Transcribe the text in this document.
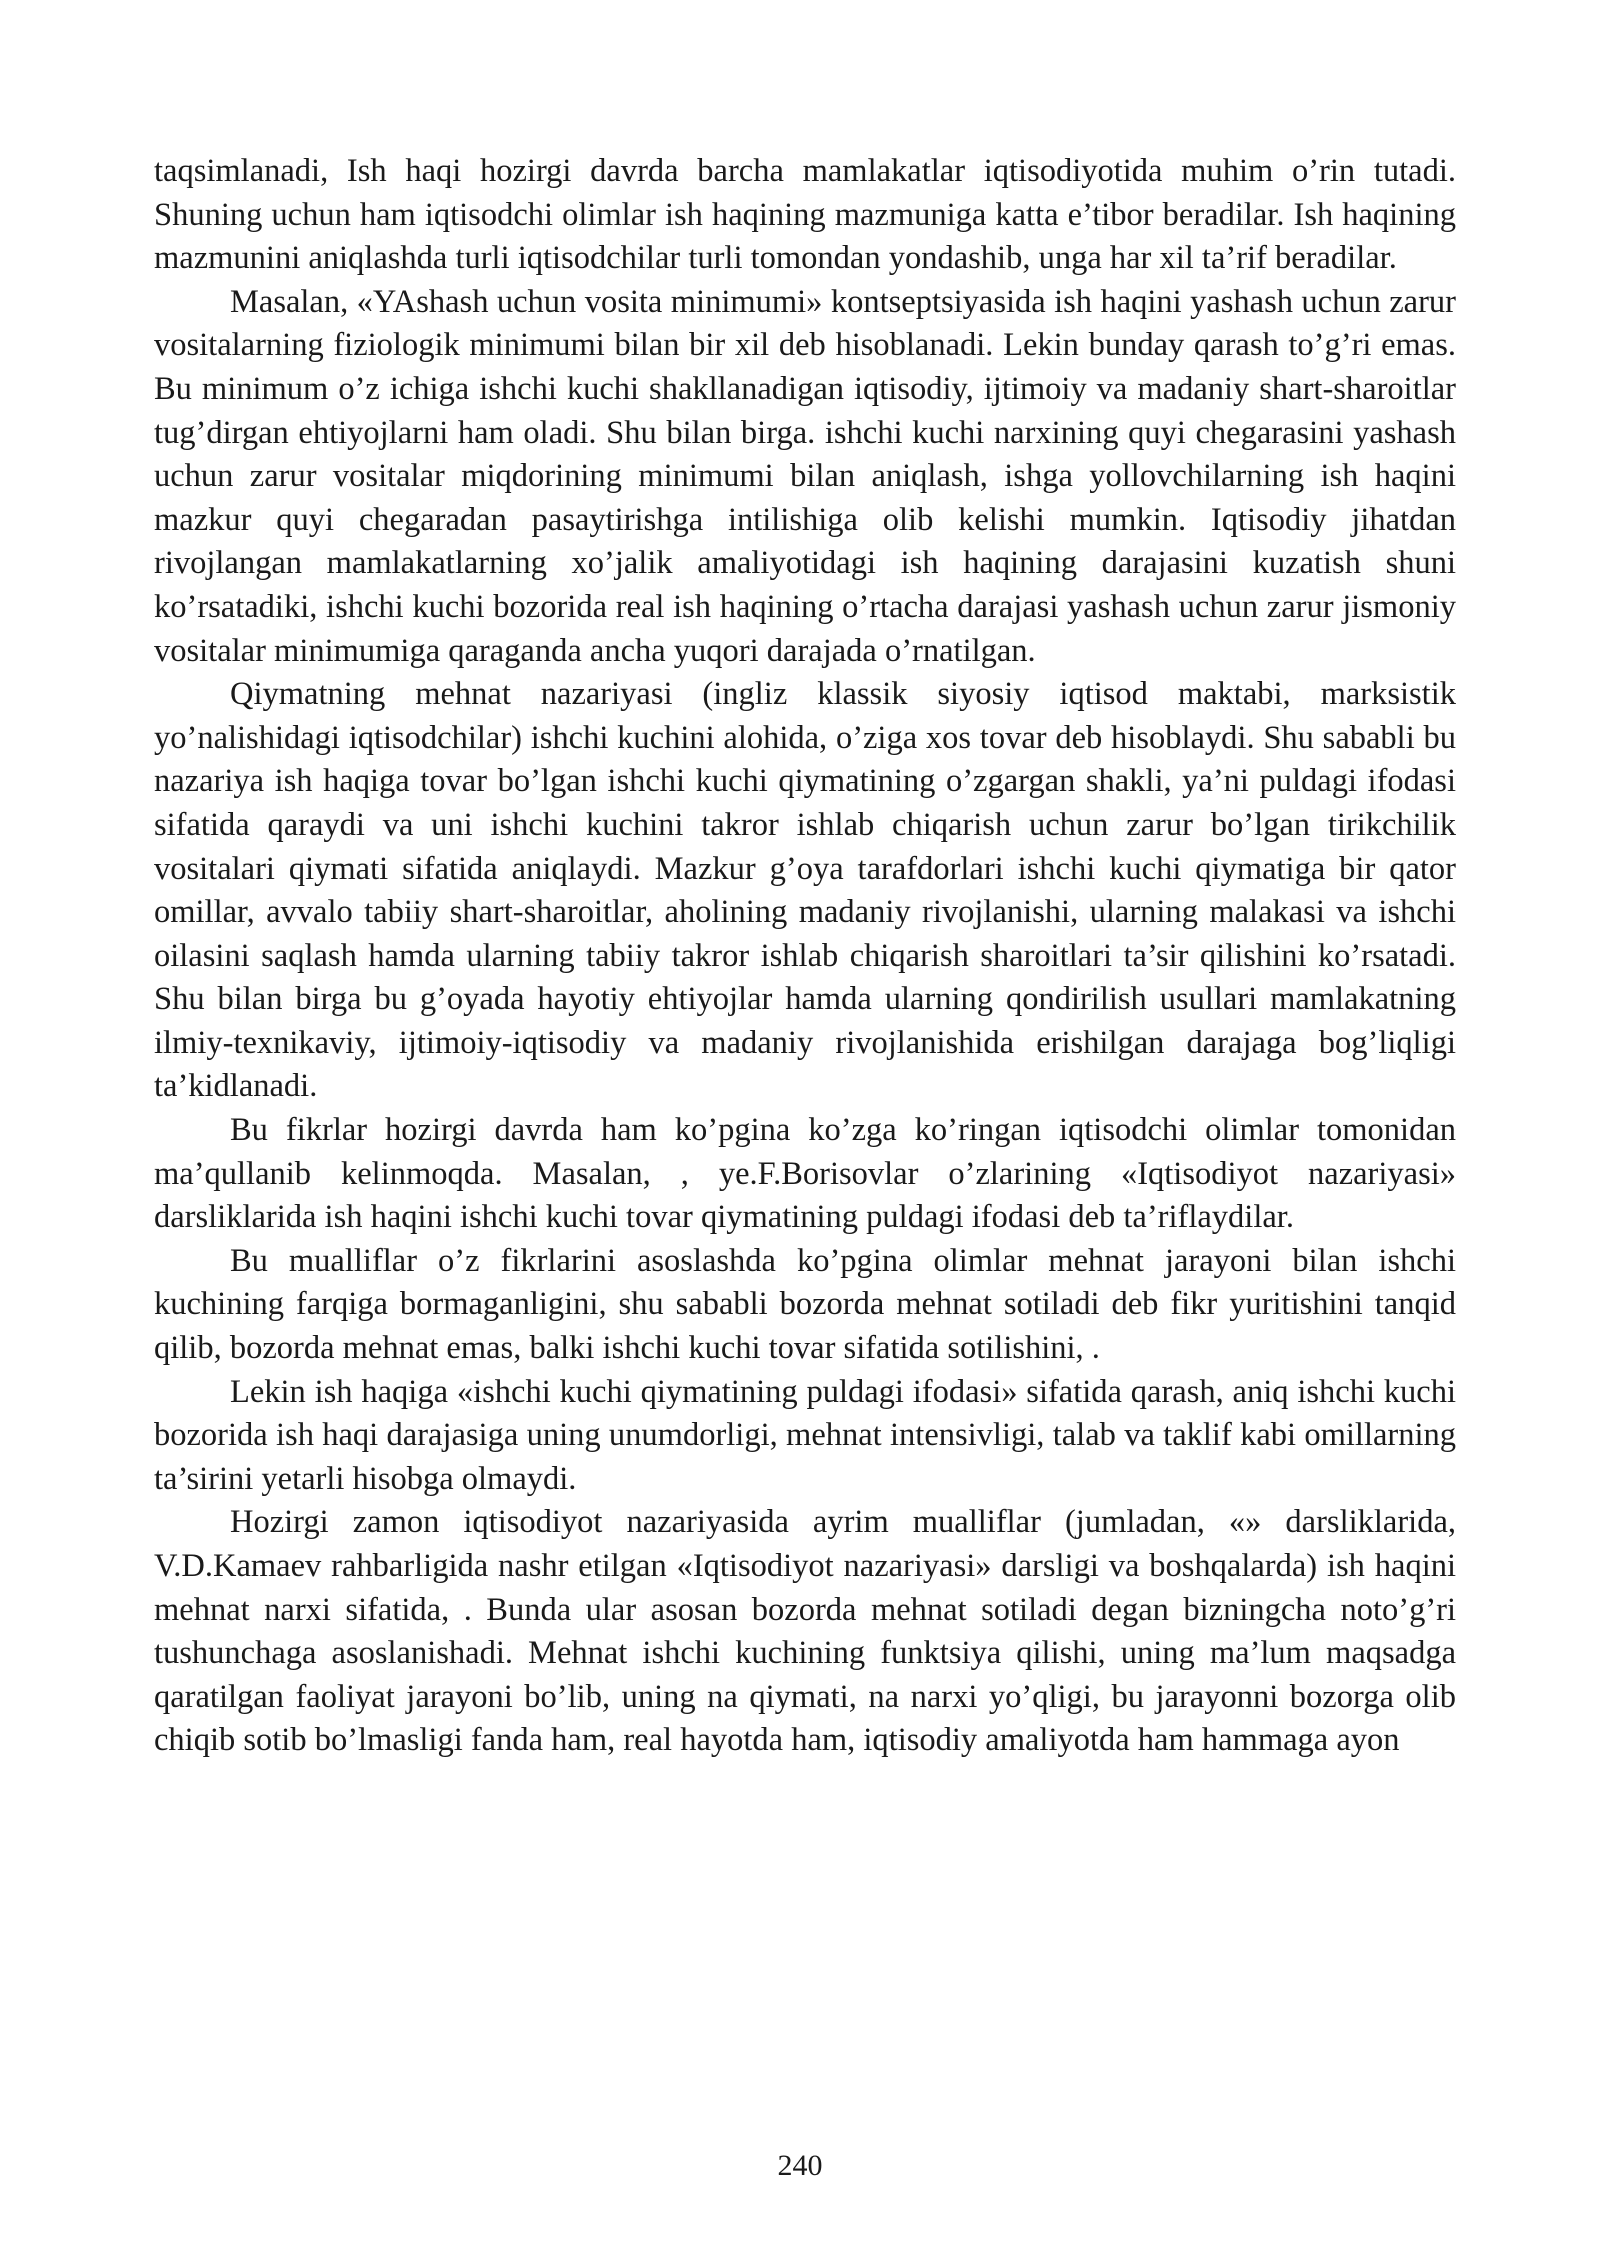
taqsimlanadi, Ish haqi hozirgi davrda barcha mamlakatlar iqtisodiyotida muhim o’rin tutadi. Shuning uchun ham iqtisodchi olimlar ish haqining mazmuniga katta e’tibor beradilar. Ish haqining mazmunini aniqlashda turli iqtisodchilar turli tomondan yondashib, unga har xil ta’rif beradilar.

Masalan, «YAshash uchun vosita minimumi» kontseptsiyasida ish haqini yashash uchun zarur vositalarning fiziologik minimumi bilan bir xil deb hisoblanadi. Lekin bunday qarash to’g’ri emas. Bu minimum o’z ichiga ishchi kuchi shakllanadigan iqtisodiy, ijtimoiy va madaniy shart-sharoitlar tug’dirgan ehtiyojlarni ham oladi. Shu bilan birga. ishchi kuchi narxining quyi chegarasini yashash uchun zarur vositalar miqdorining minimumi bilan aniqlash, ishga yollovchilarning ish haqini mazkur quyi chegaradan pasaytirishga intilishiga olib kelishi mumkin. Iqtisodiy jihatdan rivojlangan mamlakatlarning xo’jalik amaliyotidagi ish haqining darajasini kuzatish shuni ko’rsatadiki, ishchi kuchi bozorida real ish haqining o’rtacha darajasi yashash uchun zarur jismoniy vositalar minimumiga qaraganda ancha yuqori darajada o’rnatilgan.

Qiymatning mehnat nazariyasi (ingliz klassik siyosiy iqtisod maktabi, marksistik yo’nalishidagi iqtisodchilar) ishchi kuchini alohida, o’ziga xos tovar deb hisoblaydi. Shu sababli bu nazariya ish haqiga tovar bo’lgan ishchi kuchi qiymatining o’zgargan shakli, ya’ni puldagi ifodasi sifatida qaraydi va uni ishchi kuchini takror ishlab chiqarish uchun zarur bo’lgan tirikchilik vositalari qiymati sifatida aniqlaydi. Mazkur g’oya tarafdorlari ishchi kuchi qiymatiga bir qator omillar, avvalo tabiiy shart-sharoitlar, aholining madaniy rivojlanishi, ularning malakasi va ishchi oilasini saqlash hamda ularning tabiiy takror ishlab chiqarish sharoitlari ta’sir qilishini ko’rsatadi. Shu bilan birga bu g’oyada hayotiy ehtiyojlar hamda ularning qondirilish usullari mamlakatning ilmiy-texnikaviy, ijtimoiy-iqtisodiy va madaniy rivojlanishida erishilgan darajaga bog’liqligi ta’kidlanadi.

Bu fikrlar hozirgi davrda ham ko’pgina ko’zga ko’ringan iqtisodchi olimlar tomonidan ma’qullanib kelinmoqda. Masalan, , ye.F.Borisovlar o’zlarining «Iqtisodiyot nazariyasi» darsliklarida ish haqini ishchi kuchi tovar qiymatining puldagi ifodasi deb ta’riflaydilar.

Bu mualliflar o’z fikrlarini asoslashda ko’pgina olimlar mehnat jarayoni bilan ishchi kuchining farqiga bormaganligini, shu sababli bozorda mehnat sotiladi deb fikr yuritishini tanqid qilib, bozorda mehnat emas, balki ishchi kuchi tovar sifatida sotilishini, .

Lekin ish haqiga «ishchi kuchi qiymatining puldagi ifodasi» sifatida qarash, aniq ishchi kuchi bozorida ish haqi darajasiga uning unumdorligi, mehnat intensivligi, talab va taklif kabi omillarning ta’sirini yetarli hisobga olmaydi.

Hozirgi zamon iqtisodiyot nazariyasida ayrim mualliflar (jumladan, «» darsliklarida, V.D.Kamaev rahbarligida nashr etilgan «Iqtisodiyot nazariyasi» darsligi va boshqalarda) ish haqini mehnat narxi sifatida, . Bunda ular asosan bozorda mehnat sotiladi degan bizningcha noto’g’ri tushunchaga asoslanishadi. Mehnat ishchi kuchining funktsiya qilishi, uning ma’lum maqsadga qaratilgan faoliyat jarayoni bo’lib, uning na qiymati, na narxi yo’qligi, bu jarayonni bozorga olib chiqib sotib bo’lmasligi fanda ham, real hayotda ham, iqtisodiy amaliyotda ham hammaga ayon

240
